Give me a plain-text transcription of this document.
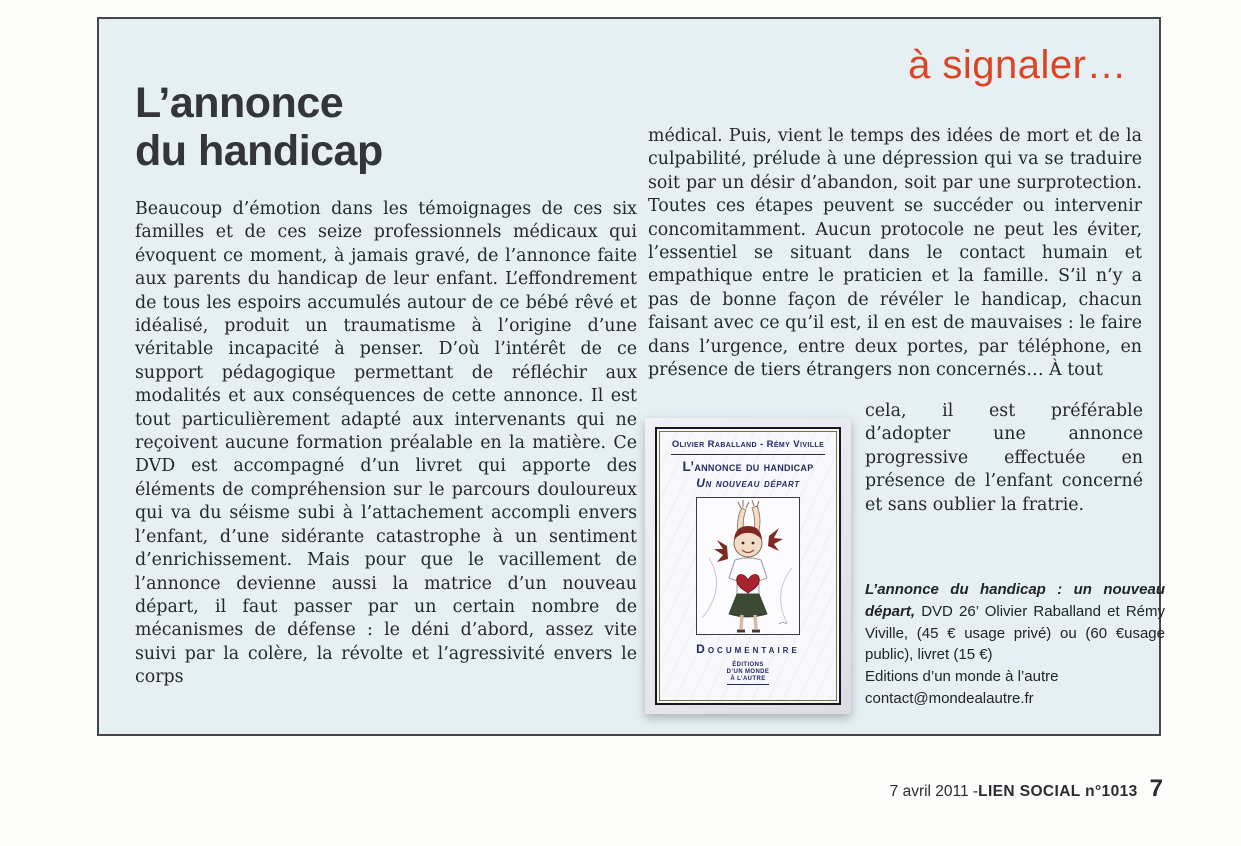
à signaler…
L’annonce
du handicap
Beaucoup d’émotion dans les témoignages de ces six familles et de ces seize professionnels médicaux qui évoquent ce moment, à jamais gravé, de l’annonce faite aux parents du handicap de leur enfant. L’effondrement de tous les espoirs accumulés autour de ce bébé rêvé et idéalisé, produit un traumatisme à l’origine d’une véritable incapacité à penser. D’où l’intérêt de ce support pédagogique permettant de réfléchir aux modalités et aux conséquences de cette annonce. Il est tout particulièrement adapté aux intervenants qui ne reçoivent aucune formation préalable en la matière. Ce DVD est accompagné d’un livret qui apporte des éléments de compréhension sur le parcours douloureux qui va du séisme subi à l’attachement accompli envers l’enfant, d’une sidérante catastrophe à un sentiment d’enrichissement. Mais pour que le vacillement de l’annonce devienne aussi la matrice d’un nouveau départ, il faut passer par un certain nombre de mécanismes de défense : le déni d’abord, assez vite suivi par la colère, la révolte et l’agressivité envers le corps
médical. Puis, vient le temps des idées de mort et de la culpabilité, prélude à une dépression qui va se traduire soit par un désir d’abandon, soit par une surprotection. Toutes ces étapes peuvent se succéder ou intervenir concomitamment. Aucun protocole ne peut les éviter, l’essentiel se situant dans le contact humain et empathique entre le praticien et la famille. S’il n’y a pas de bonne façon de révéler le handicap, chacun faisant avec ce qu’il est, il en est de mauvaises : le faire dans l’urgence, entre deux portes, par téléphone, en présence de tiers étrangers non concernés… À tout
Olivier Raballand - Rémy Viville
L’annonce du handicap
Un nouveau départ
Documentaire
ÉDITIONS
D’UN MONDE
À L’AUTRE
cela, il est préférable d’adopter une annonce progressive effectuée en présence de l’enfant concerné et sans oublier la fratrie.
L’annonce du handicap : un nouveau départ, DVD 26’ Olivier Raballand et Rémy Viville, (45 € usage privé) ou (60 €usage public), livret (15 €)
Editions d’un monde à l’autre
contact@mondealautre.fr
7 avril 2011 - LIEN SOCIAL n°1013 7
